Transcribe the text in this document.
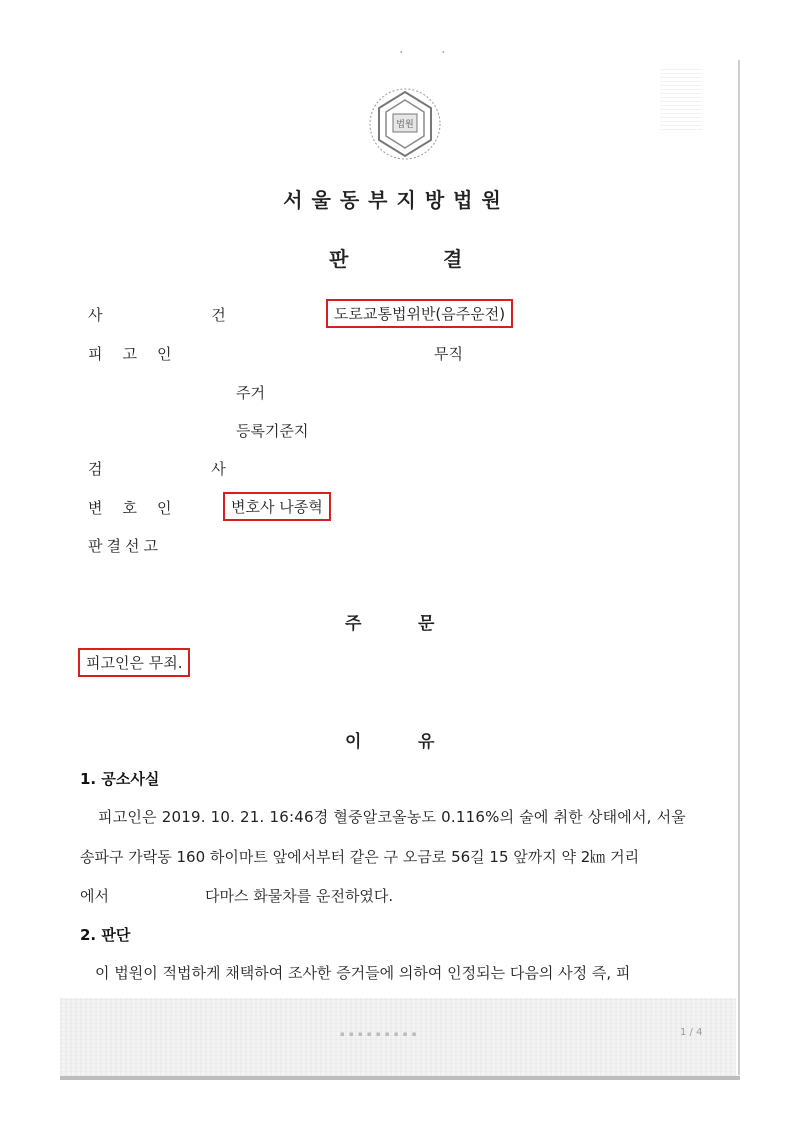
'	'
법원
서울동부지방법원
판	결
사 건	도로교통법위반(음주운전)
피고인	무직
주거
등록기준지
검 사
변호인	변호사 나종혁
판결선고
주	문
피고인은 무죄.
이	유
1. 공소사실
피고인은 2019. 10. 21. 16:46경 혈중알코올농도 0.116%의 술에 취한 상태에서, 서울
송파구 가락동 160 하이마트 앞에서부터 같은 구 오금로 56길 15 앞까지 약 2㎞ 거리
에서	다마스 화물차를 운전하였다.
2. 판단
이 법원이 적법하게 채택하여 조사한 증거들에 의하여 인정되는 다음의 사정 즉, 피
▪ ▪ ▪ ▪ ▪ ▪ ▪ ▪ ▪	1 / 4
